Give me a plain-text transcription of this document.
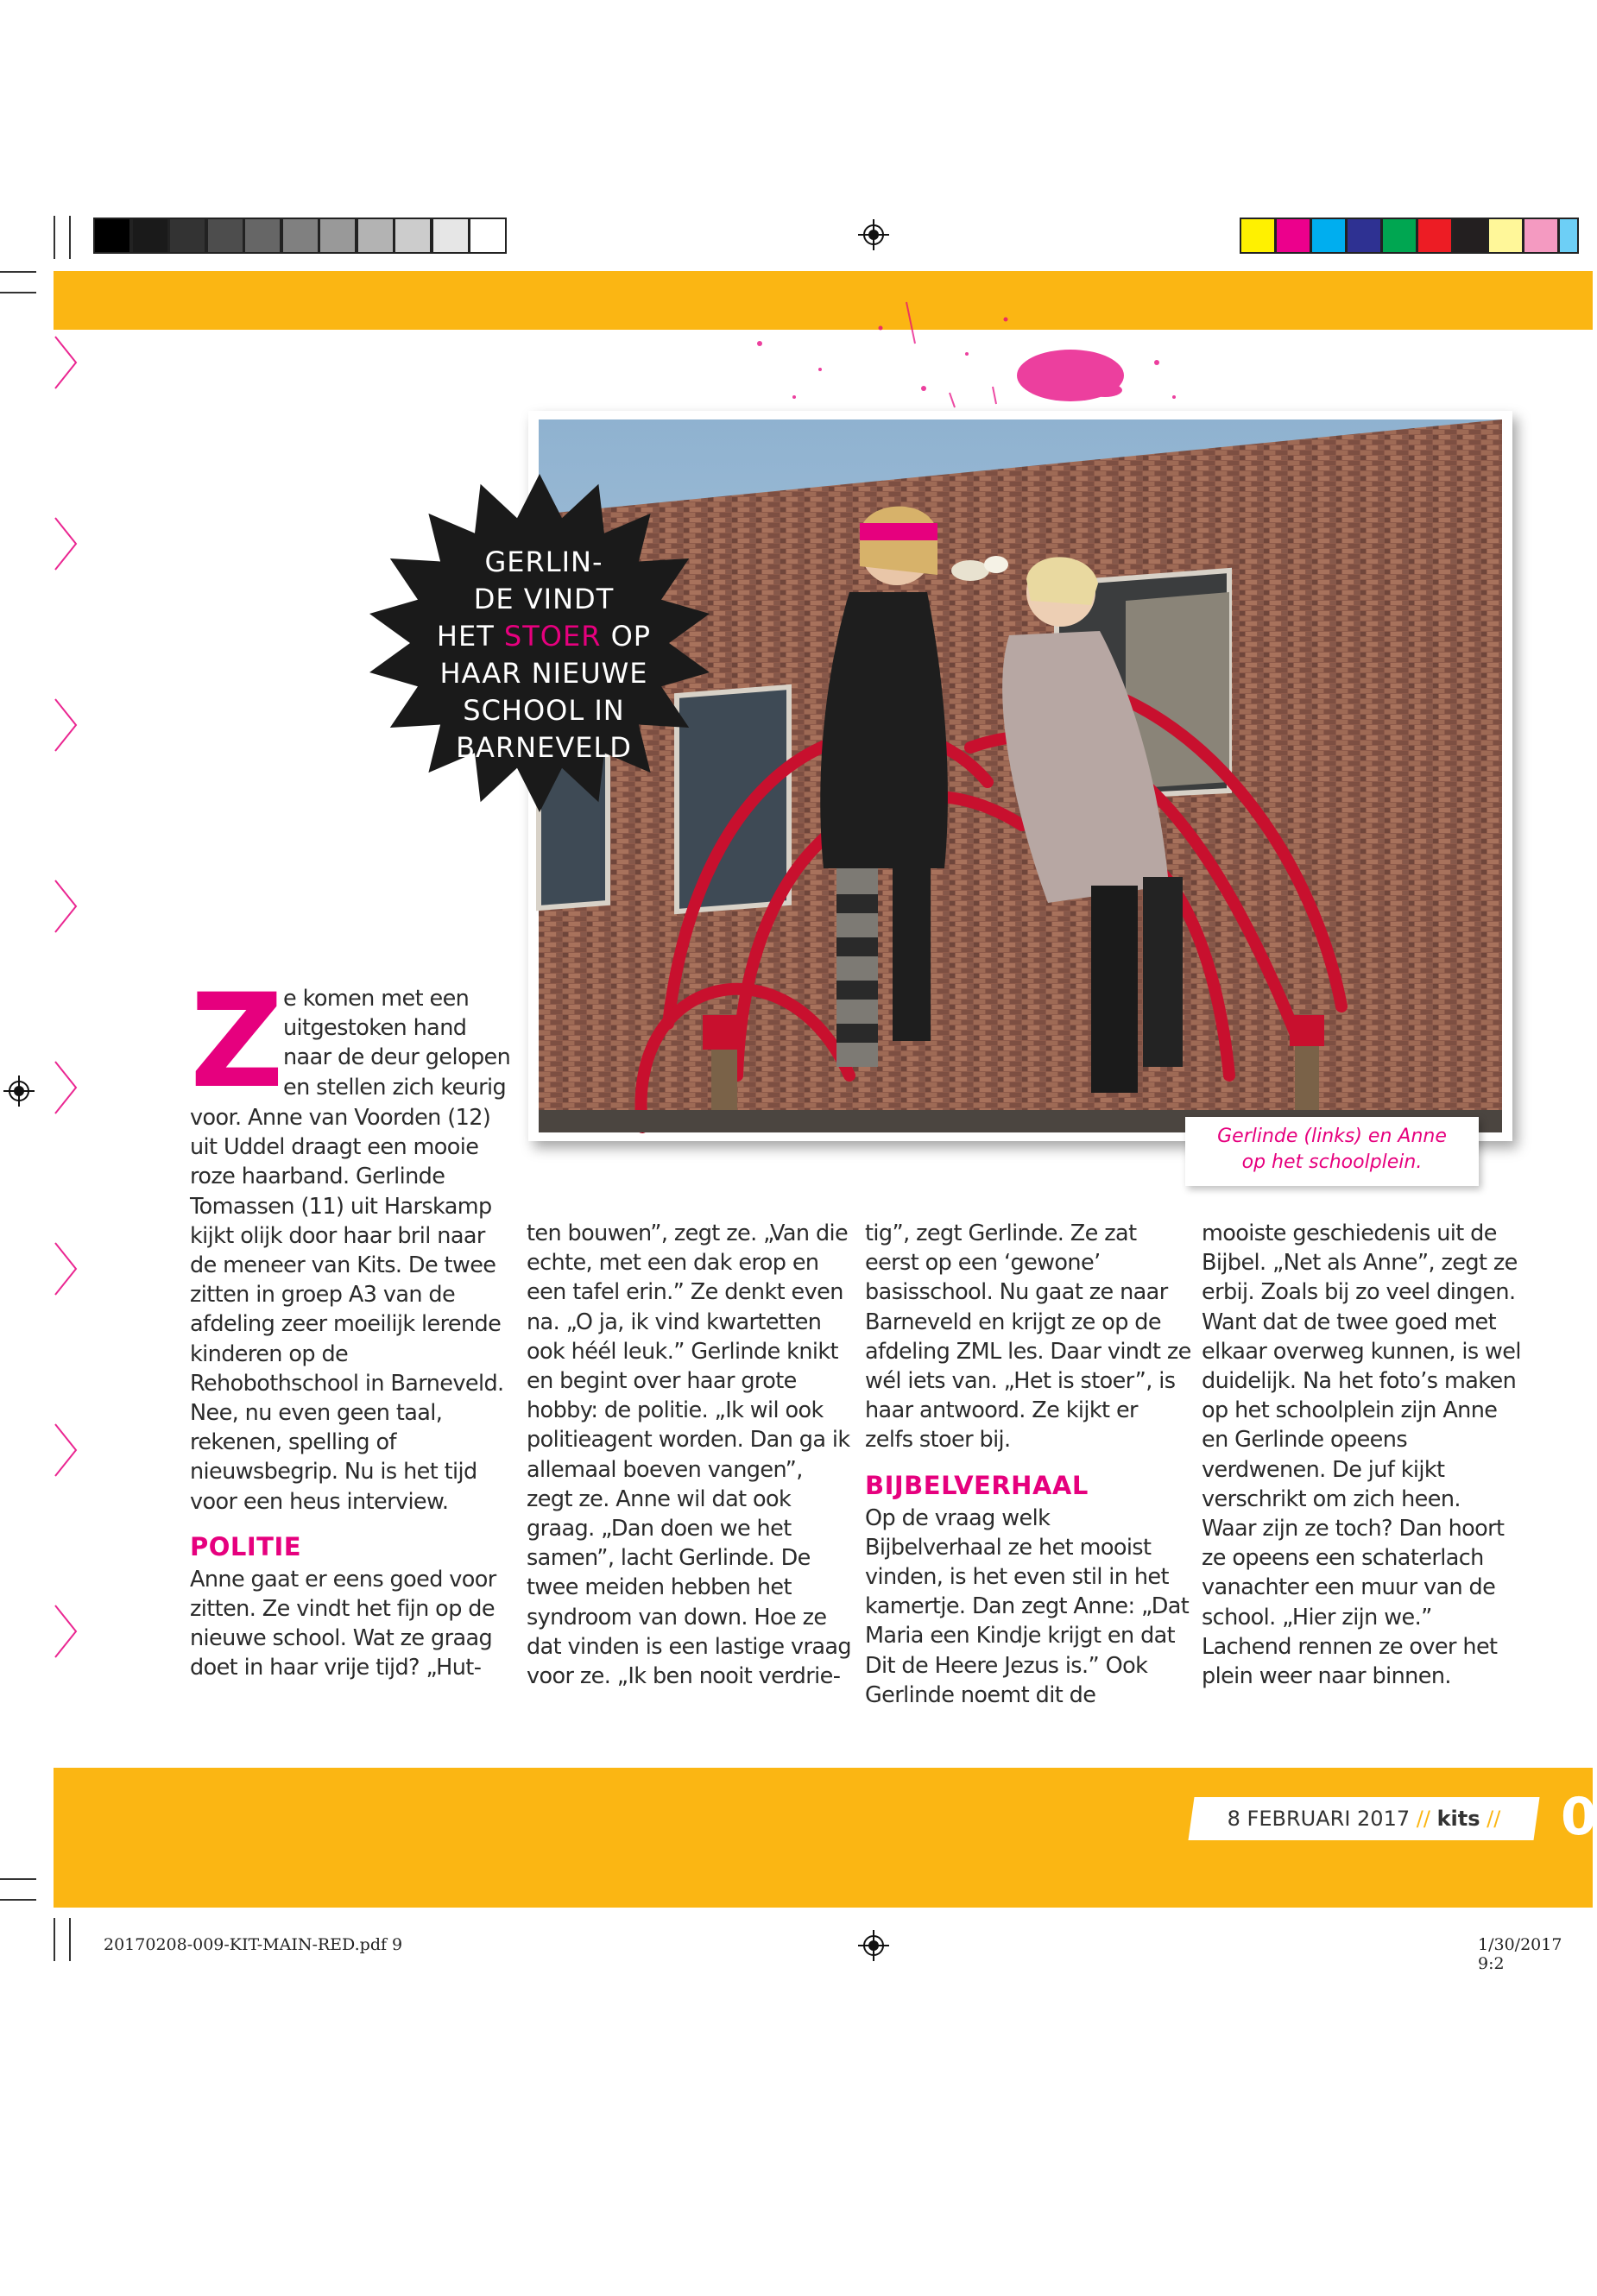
Gerlinde (links) en Anne
op het schoolplein.
GERLIN-
DE VINDT
HET STOER OP
HAAR NIEUWE
SCHOOL IN
BARNEVELD
Z e komen met een

uitgestoken hand

naar de deur gelopen

en stellen zich keurig

voor. Anne van Voorden (12) uit Uddel draagt een mooie roze haarband. Gerlinde Tomassen (11) uit Harskamp kijkt olijk door haar bril naar de meneer van Kits. De twee zitten in groep A3 van de afdeling zeer moeilijk lerende kinderen op de Rehobothschool in Barneveld. Nee, nu even geen taal, rekenen, spelling of nieuwsbegrip. Nu is het tijd voor een heus interview.

POLITIE

Anne gaat er eens goed voor zitten. Ze vindt het fijn op de nieuwe school. Wat ze graag doet in haar vrije tijd? „Hut-

ten bouwen”, zegt ze. „Van die echte, met een dak erop en een tafel erin.” Ze denkt even na. „O ja, ik vind kwartetten ook héél leuk.” Gerlinde knikt en begint over haar grote hobby: de politie. „Ik wil ook politieagent worden. Dan ga ik allemaal boeven vangen”, zegt ze. Anne wil dat ook graag. „Dan doen we het samen”, lacht Gerlinde. De twee meiden hebben het syndroom van down. Hoe ze dat vinden is een lastige vraag voor ze. „Ik ben nooit verdrie-

tig”, zegt Gerlinde. Ze zat eerst op een ‘gewone’ basisschool. Nu gaat ze naar Barneveld en krijgt ze op de afdeling ZML les. Daar vindt ze wél iets van. „Het is stoer”, is haar antwoord. Ze kijkt er zelfs stoer bij.

BIJBELVERHAAL

Op de vraag welk Bijbelverhaal ze het mooist vinden, is het even stil in het kamertje. Dan zegt Anne: „Dat Maria een Kindje krijgt en dat Dit de Heere Jezus is.” Ook Gerlinde noemt dit de

mooiste geschiedenis uit de Bijbel. „Net als Anne”, zegt ze erbij. Zoals bij zo veel dingen. Want dat de twee goed met elkaar overweg kunnen, is wel duidelijk. Na het foto’s maken op het schoolplein zijn Anne en Gerlinde opeens verdwenen. De juf kijkt verschrikt om zich heen. Waar zijn ze toch? Dan hoort ze opeens een schaterlach vanachter een muur van de school. „Hier zijn we.” Lachend rennen ze over het plein weer naar binnen.

8 FEBRUARI 2017 // kits //	0
20170208-009-KIT-MAIN-RED.pdf 9	1/30/2017 9:2
